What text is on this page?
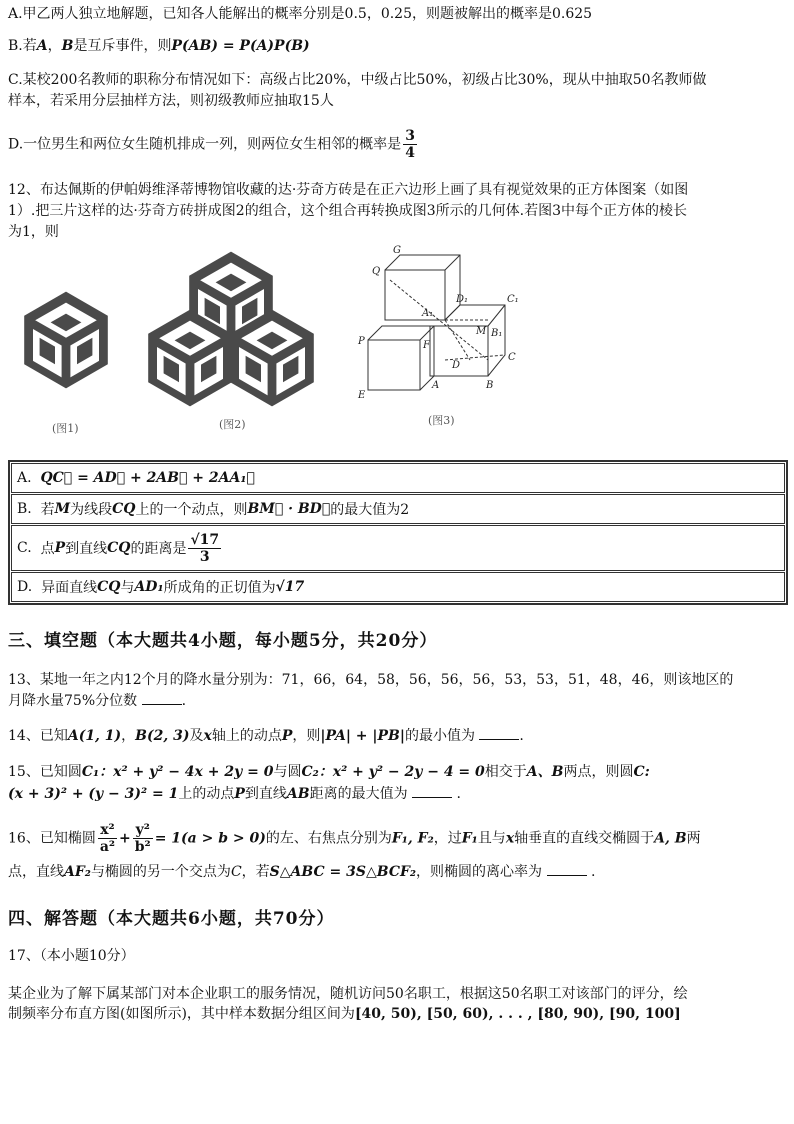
A.甲乙两人独立地解题，已知各人能解出的概率分别是0.5，0.25，则题被解出的概率是0.625
B.若A，B是互斥事件，则P(AB) = P(A)P(B)
C.某校200名教师的职称分布情况如下：高级占比20%，中级占比50%，初级占比30%，现从中抽取50名教师做
样本，若采用分层抽样方法，则初级教师应抽取15人
D.一位男生和两位女生随机排成一列，则两位女生相邻的概率是 $\frac{3}{4}$
12、布达佩斯的伊帕姆维泽蒂博物馆收藏的达·芬奇方砖是在正六边形上画了具有视觉效果的正方体图案（如图
1）.把三片这样的达·芬奇方砖拼成图2的组合，这个组合再转换成图3所示的几何体.若图3中每个正方体的棱长
为1，则
(图1)	(图2)
G
Q
D₁	C₁
A₁
M B₁
P	F
D
C
E
A	B
(图3)
A.
QC⃗ = AD⃗ + 2AB⃗ + 2AA₁⃗
B.
若 M 为线段 CQ 上的一个动点，则 BM⃗ · BD⃗ 的最大值为2
C.
点 P 到直线 CQ 的距离是 $\frac{√17}{3}$
D.
异面直线 CQ 与 AD₁ 所成角的正切值为 √17
三、填空题（本大题共4小题，每小题5分，共20分）
13、某地一年之内12个月的降水量分别为：71，66，64，58，56，56，56，53，53，51，48，46，则该地区的
月降水量75%分位数	.
14、已知A(1, 1)，B(2, 3)及x轴上的动点P，则|PA| + |PB|的最小值为	.
15、已知圆C₁：x² + y² − 4x + 2y = 0与圆C₂：x² + y² − 2y − 4 = 0相交于A、B两点，则圆C:
(x + 3)² + (y − 3)² = 1上的动点P到直线AB距离的最大值为	.
16、已知椭圆 $\frac{\text{x²}}{\text{a²}} + \frac{\text{y²}}{\text{b²}} = 1(a > b > 0)$的左、右焦点分别为F₁, F₂，过F₁且与x轴垂直的直线交椭圆于A, B两
点，直线AF₂与椭圆的另一个交点为C，若S△ABC = 3S△BCF₂，则椭圆的离心率为	.
四、解答题（本大题共6小题，共70分）
17、（本小题10分）
某企业为了解下属某部门对本企业职工的服务情况，随机访问50名职工，根据这50名职工对该部门的评分，绘
制频率分布直方图(如图所示)，其中样本数据分组区间为[40, 50), [50, 60), . . . , [80, 90), [90, 100]
